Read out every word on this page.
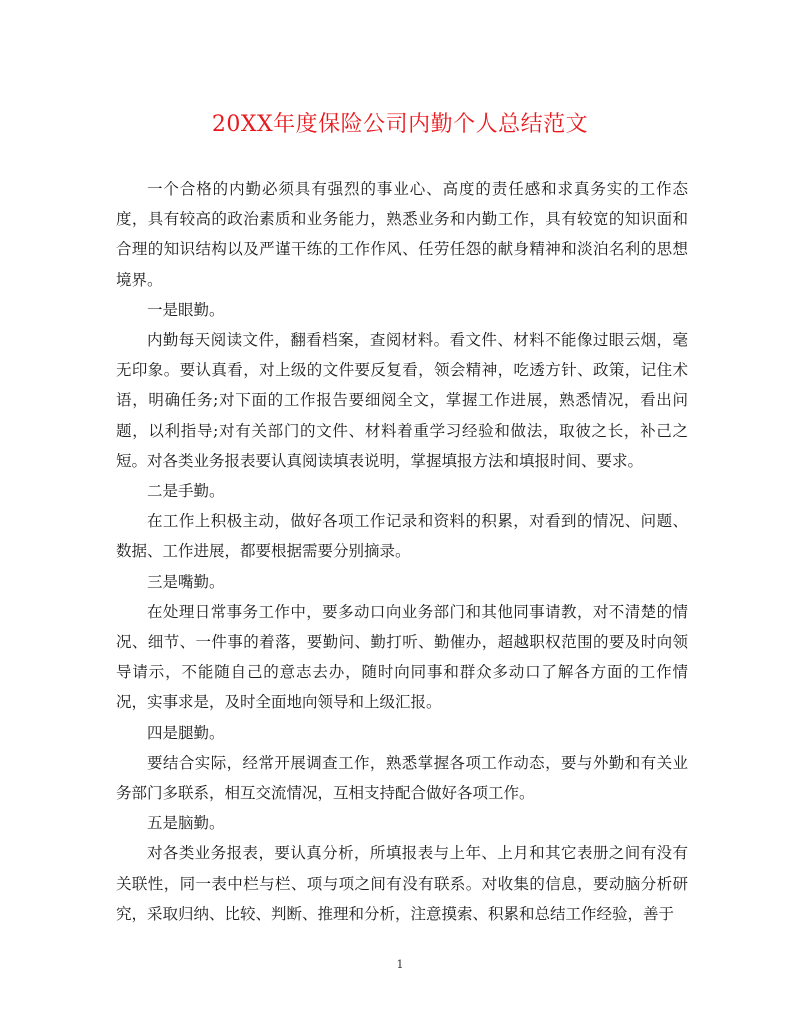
20XX年度保险公司内勤个人总结范文

一个合格的内勤必须具有强烈的事业心、高度的责任感和求真务实的工作态度，具有较高的政治素质和业务能力，熟悉业务和内勤工作，具有较宽的知识面和合理的知识结构以及严谨干练的工作作风、任劳任怨的献身精神和淡泊名利的思想境界。

一是眼勤。

内勤每天阅读文件，翻看档案，查阅材料。看文件、材料不能像过眼云烟，毫无印象。要认真看，对上级的文件要反复看，领会精神，吃透方针、政策，记住术语，明确任务;对下面的工作报告要细阅全文，掌握工作进展，熟悉情况，看出问题，以利指导;对有关部门的文件、材料着重学习经验和做法，取彼之长，补己之短。对各类业务报表要认真阅读填表说明，掌握填报方法和填报时间、要求。

二是手勤。

在工作上积极主动，做好各项工作记录和资料的积累，对看到的情况、问题、数据、工作进展，都要根据需要分别摘录。

三是嘴勤。

在处理日常事务工作中，要多动口向业务部门和其他同事请教，对不清楚的情况、细节、一件事的着落，要勤问、勤打听、勤催办，超越职权范围的要及时向领导请示，不能随自己的意志去办，随时向同事和群众多动口了解各方面的工作情况，实事求是，及时全面地向领导和上级汇报。

四是腿勤。

要结合实际，经常开展调查工作，熟悉掌握各项工作动态，要与外勤和有关业务部门多联系，相互交流情况，互相支持配合做好各项工作。

五是脑勤。

对各类业务报表，要认真分析，所填报表与上年、上月和其它表册之间有没有关联性，同一表中栏与栏、项与项之间有没有联系。对收集的信息，要动脑分析研究，采取归纳、比较、判断、推理和分析，注意摸索、积累和总结工作经验，善于

1
